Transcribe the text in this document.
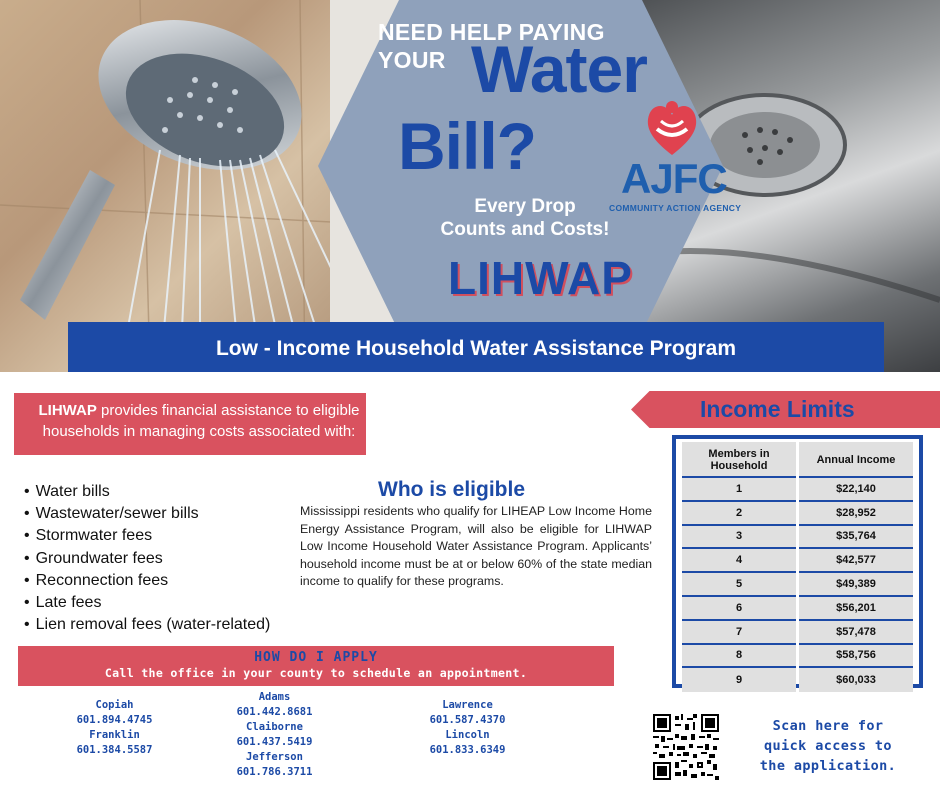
NEED HELP PAYING
YOUR Water
Bill?
Every Drop
Counts and Costs!
LIHWAP
AJFC
COMMUNITY ACTION AGENCY
Low - Income Household Water Assistance Program
LIHWAP provides financial assistance to eligible households in managing costs associated with:
• Water bills
• Wastewater/sewer bills
• Stormwater fees
• Groundwater fees
• Reconnection fees
• Late fees
• Lien removal fees (water-related)
Who is eligible
Mississippi residents who qualify for LIHEAP Low Income Home Energy Assistance Program, will also be eligible for LIHWAP Low Income Household Water Assistance Program. Applicants’ household income must be at or below 60% of the state median income to qualify for these programs.
Income Limits
Members in Household	Annual Income
1	$22,140
2	$28,952
3	$35,764
4	$42,577
5	$49,389
6	$56,201
7	$57,478
8	$58,756
9	$60,033
HOW DO I APPLY
Call the office in your county to schedule an appointment.
Copiah
601.894.4745
Franklin
601.384.5587
Adams
601.442.8681
Claiborne
601.437.5419
Jefferson
601.786.3711
Lawrence
601.587.4370
Lincoln
601.833.6349
Scan here for quick access to the application.
